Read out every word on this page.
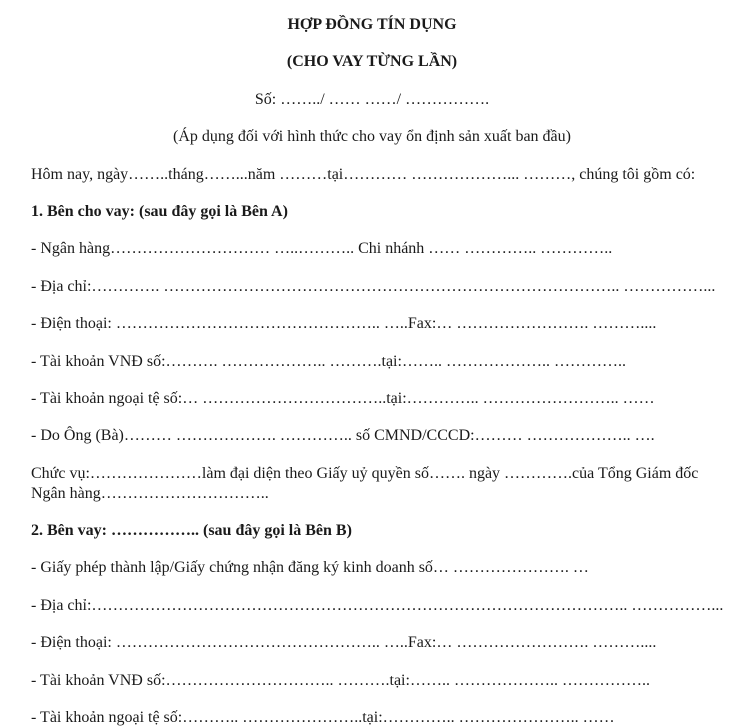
HỢP ĐỒNG TÍN DỤNG
(CHO VAY TỪNG LẦN)
Số: ……../ …… ……/ …………….
(Áp dụng đối với hình thức cho vay ổn định sản xuất ban đầu)
Hôm nay, ngày……..tháng……...năm ………tại………… ………………... ………, chúng tôi gồm có:
1. Bên cho vay: (sau đây gọi là Bên A)
- Ngân hàng………………………… …..……….. Chi nhánh …… ………….. …………..
- Địa chỉ:…………. ………………………………………………………………………….. ……………...
- Điện thoại: ………………………………………….. …..Fax:… ……………………. ………....
- Tài khoản VNĐ số:………. ……………….. ……….tại:…….. ……………….. …………..
- Tài khoản ngoại tệ số:… ……………………………..tại:………….. …………………….. ……
- Do Ông (Bà)……… ………………. ………….. số CMND/CCCD:……… ……………….. ….
Chức vụ:…………………làm đại diện theo Giấy uỷ quyền số……. ngày ………….của Tổng Giám đốc
Ngân hàng…………………………..
2. Bên vay: …………….. (sau đây gọi là Bên B)
- Giấy phép thành lập/Giấy chứng nhận đăng ký kinh doanh số… …………………. …
- Địa chỉ:……………………………………………………………………………………….. ……………...
- Điện thoại: ………………………………………….. …..Fax:… ……………………. ………....
- Tài khoản VNĐ số:………………………….. ……….tại:…….. ……………….. ……………..
- Tài khoản ngoại tệ số:……….. …………………..tại:………….. ………………….. ……
